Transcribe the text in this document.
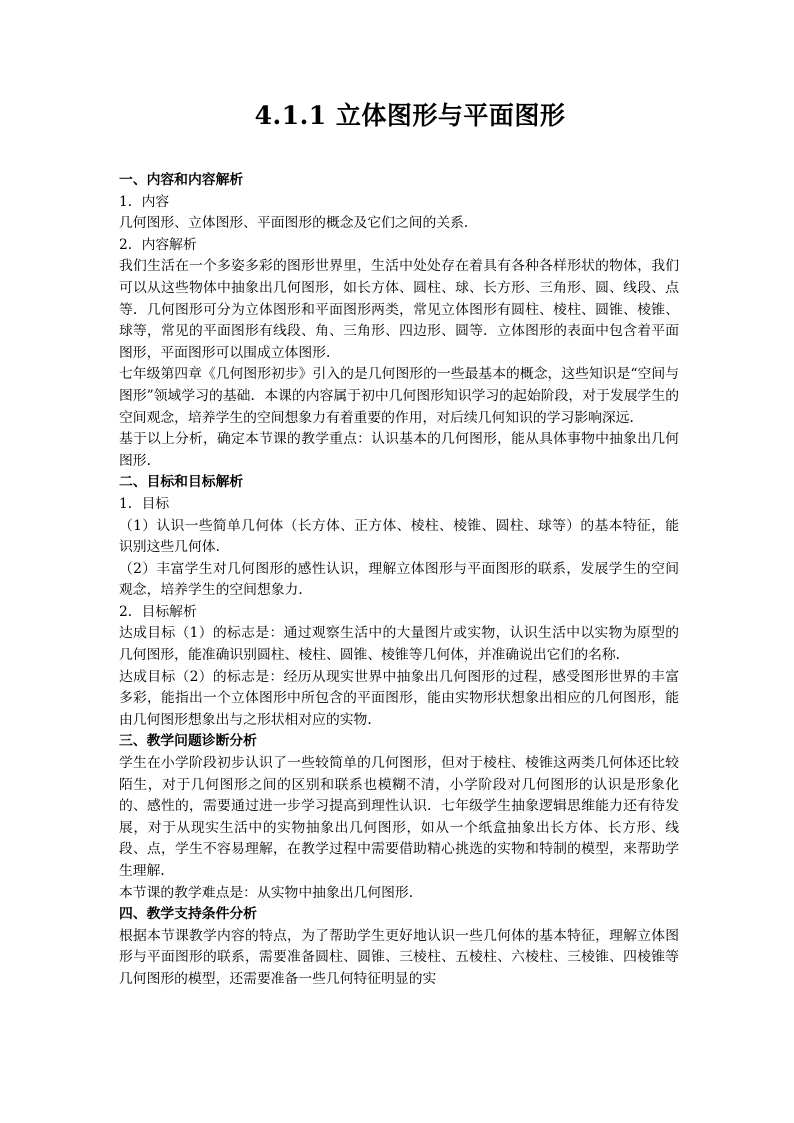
4.1.1 立体图形与平面图形

一、内容和内容解析

1．内容

几何图形、立体图形、平面图形的概念及它们之间的关系．

2．内容解析

我们生活在一个多姿多彩的图形世界里，生活中处处存在着具有各种各样形状的物体，我们可以从这些物体中抽象出几何图形，如长方体、圆柱、球、长方形、三角形、圆、线段、点等．几何图形可分为立体图形和平面图形两类，常见立体图形有圆柱、棱柱、圆锥、棱锥、球等，常见的平面图形有线段、角、三角形、四边形、圆等．立体图形的表面中包含着平面图形，平面图形可以围成立体图形．

七年级第四章《几何图形初步》引入的是几何图形的一些最基本的概念，这些知识是“空间与图形”领域学习的基础．本课的内容属于初中几何图形知识学习的起始阶段，对于发展学生的空间观念，培养学生的空间想象力有着重要的作用，对后续几何知识的学习影响深远．

基于以上分析，确定本节课的教学重点：认识基本的几何图形，能从具体事物中抽象出几何图形．

二、目标和目标解析

1．目标

（1）认识一些简单几何体（长方体、正方体、棱柱、棱锥、圆柱、球等）的基本特征，能识别这些几何体．

（2）丰富学生对几何图形的感性认识，理解立体图形与平面图形的联系，发展学生的空间观念，培养学生的空间想象力．

2．目标解析

达成目标（1）的标志是：通过观察生活中的大量图片或实物，认识生活中以实物为原型的几何图形，能准确识别圆柱、棱柱、圆锥、棱锥等几何体，并准确说出它们的名称．

达成目标（2）的标志是：经历从现实世界中抽象出几何图形的过程，感受图形世界的丰富多彩，能指出一个立体图形中所包含的平面图形，能由实物形状想象出相应的几何图形，能由几何图形想象出与之形状相对应的实物．

三、教学问题诊断分析

学生在小学阶段初步认识了一些较简单的几何图形，但对于棱柱、棱锥这两类几何体还比较陌生，对于几何图形之间的区别和联系也模糊不清，小学阶段对几何图形的认识是形象化的、感性的，需要通过进一步学习提高到理性认识．七年级学生抽象逻辑思维能力还有待发展，对于从现实生活中的实物抽象出几何图形，如从一个纸盒抽象出长方体、长方形、线段、点，学生不容易理解，在教学过程中需要借助精心挑选的实物和特制的模型，来帮助学生理解．

本节课的教学难点是：从实物中抽象出几何图形．

四、教学支持条件分析

根据本节课教学内容的特点，为了帮助学生更好地认识一些几何体的基本特征，理解立体图形与平面图形的联系，需要准备圆柱、圆锥、三棱柱、五棱柱、六棱柱、三棱锥、四棱锥等几何图形的模型，还需要准备一些几何特征明显的实
